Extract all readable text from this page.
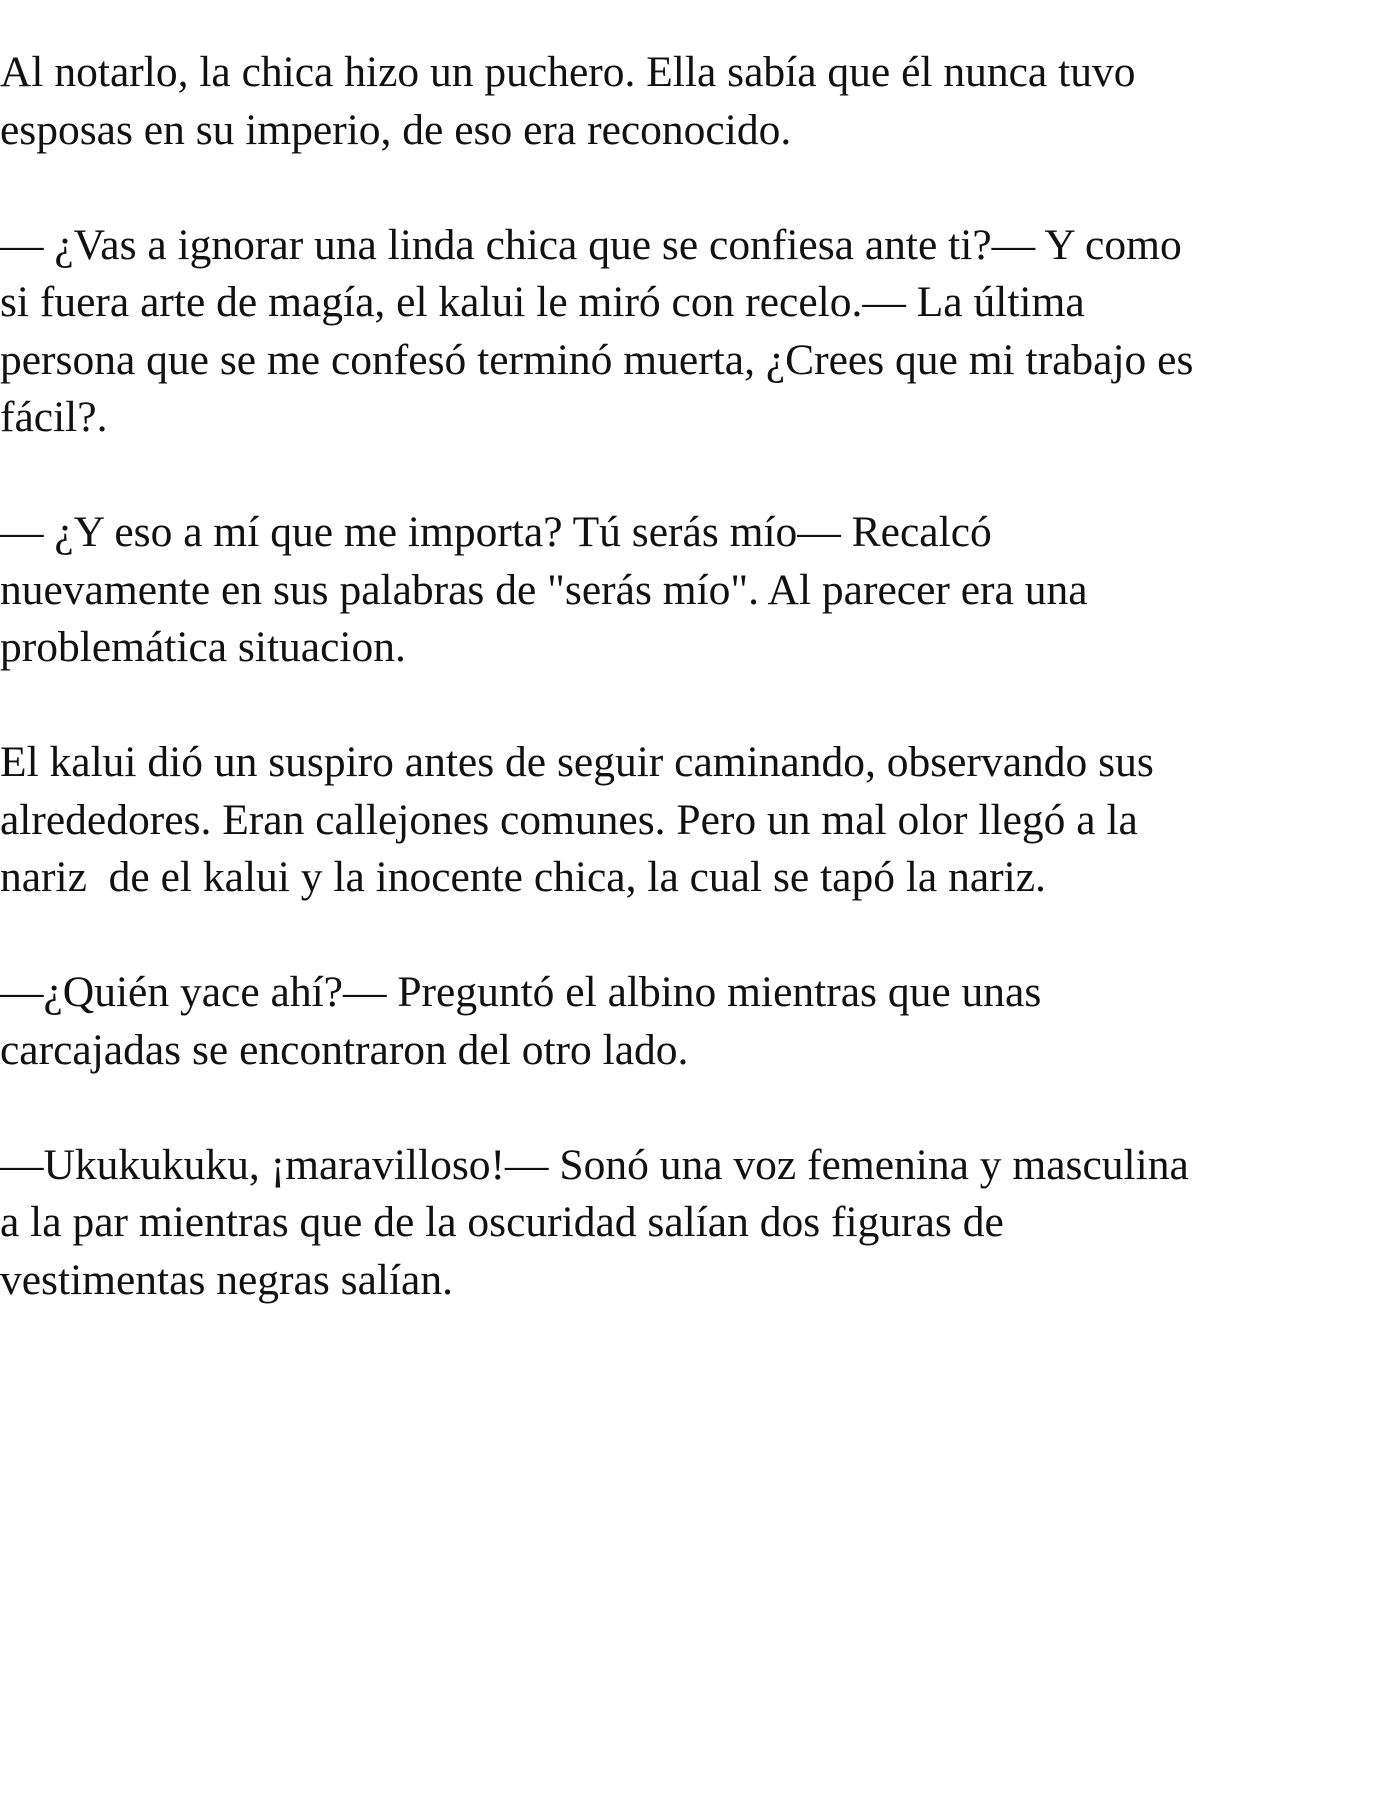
Al notarlo, la chica hizo un puchero. Ella sabía que él nunca tuvo
esposas en su imperio, de eso era reconocido.

— ¿Vas a ignorar una linda chica que se confiesa ante ti?— Y como
si fuera arte de magía, el kalui le miró con recelo.— La última
persona que se me confesó terminó muerta, ¿Crees que mi trabajo es
fácil?.

— ¿Y eso a mí que me importa? Tú serás mío— Recalcó
nuevamente en sus palabras de "serás mío". Al parecer era una
problemática situacion.

El kalui dió un suspiro antes de seguir caminando, observando sus
alrededores. Eran callejones comunes. Pero un mal olor llegó a la
nariz  de el kalui y la inocente chica, la cual se tapó la nariz.

—¿Quién yace ahí?— Preguntó el albino mientras que unas
carcajadas se encontraron del otro lado.

—Ukukukuku, ¡maravilloso!— Sonó una voz femenina y masculina
a la par mientras que de la oscuridad salían dos figuras de
vestimentas negras salían.
